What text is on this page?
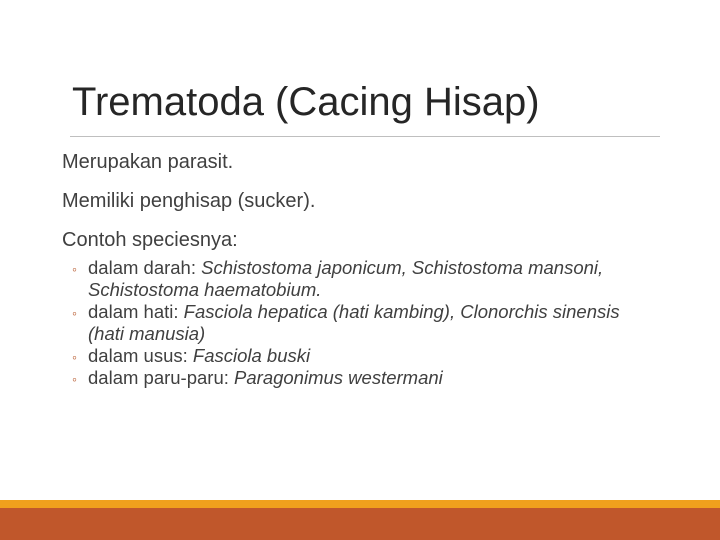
Trematoda (Cacing Hisap)
Merupakan parasit.
Memiliki penghisap (sucker).
Contoh speciesnya:
◦ dalam darah: Schistostoma japonicum, Schistostoma mansoni, Schistostoma haematobium.
◦ dalam hati: Fasciola hepatica (hati kambing), Clonorchis sinensis (hati manusia)
◦ dalam usus: Fasciola buski
◦ dalam paru-paru: Paragonimus westermani
